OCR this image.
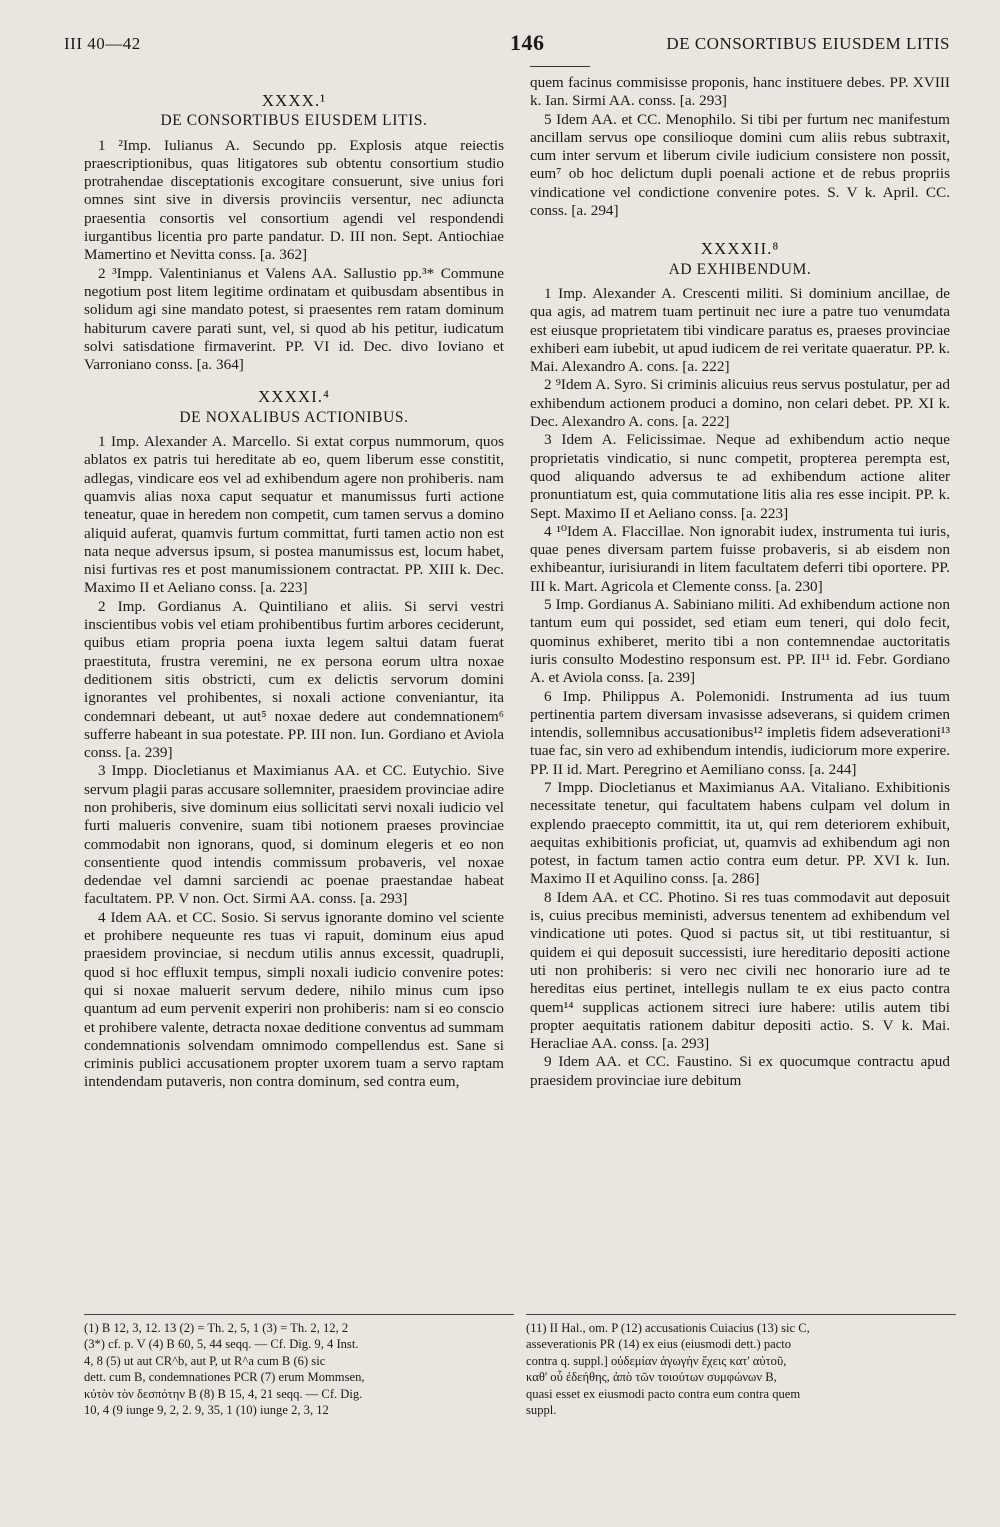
III 40—42	146	DE CONSORTIBUS EIUSDEM LITIS
XXXX.¹
DE CONSORTIBUS EIUSDEM LITIS.

1 ²Imp. Iulianus A. Secundo pp. Explosis atque reiectis praescriptionibus, quas litigatores sub obtentu consortium studio protrahendae disceptationis excogitare consuerunt, sive unius fori omnes sint sive in diversis provinciis versentur, nec adiuncta praesentia consortis vel consortium agendi vel respondendi iurgantibus licentia pro parte pandatur. D. III non. Sept. Antiochiae Mamertino et Nevitta conss. [a. 362]

2 ³Impp. Valentinianus et Valens AA. Sallustio pp.³* Commune negotium post litem legitime ordinatam et quibusdam absentibus in solidum agi sine mandato potest, si praesentes rem ratam dominum habiturum cavere parati sunt, vel, si quod ab his petitur, iudicatum solvi satisdatione firmaverint. PP. VI id. Dec. divo Ioviano et Varroniano conss. [a. 364]

XXXXI.⁴
DE NOXALIBUS ACTIONIBUS.

1 Imp. Alexander A. Marcello. Si extat corpus nummorum, quos ablatos ex patris tui hereditate ab eo, quem liberum esse constitit, adlegas, vindicare eos vel ad exhibendum agere non prohiberis. nam quamvis alias noxa caput sequatur et manumissus furti actione teneatur, quae in heredem non competit, cum tamen servus a domino aliquid auferat, quamvis furtum committat, furti tamen actio non est nata neque adversus ipsum, si postea manumissus est, locum habet, nisi furtivas res et post manumissionem contractat. PP. XIII k. Dec. Maximo II et Aeliano conss. [a. 223]

2 Imp. Gordianus A. Quintiliano et aliis. Si servi vestri inscientibus vobis vel etiam prohibentibus furtim arbores ceciderunt, quibus etiam propria poena iuxta legem saltui datam fuerat praestituta, frustra veremini, ne ex persona eorum ultra noxae deditionem sitis obstricti, cum ex delictis servorum domini ignorantes vel prohibentes, si noxali actione conveniantur, ita condemnari debeant, ut aut⁵ noxae dedere aut condemnationem⁶ sufferre habeant in sua potestate. PP. III non. Iun. Gordiano et Aviola conss. [a. 239]

3 Impp. Diocletianus et Maximianus AA. et CC. Eutychio. Sive servum plagii paras accusare sollemniter, praesidem provinciae adire non prohiberis, sive dominum eius sollicitati servi noxali iudicio vel furti malueris convenire, suam tibi notionem praeses provinciae commodabit non ignorans, quod, si dominum elegeris et eo non consentiente quod intendis commissum probaveris, vel noxae dedendae vel damni sarciendi ac poenae praestandae habeat facultatem. PP. V non. Oct. Sirmi AA. conss. [a. 293]

4 Idem AA. et CC. Sosio. Si servus ignorante domino vel sciente et prohibere nequeunte res tuas vi rapuit, dominum eius apud praesidem provinciae, si necdum utilis annus excessit, quadrupli, quod si hoc effluxit tempus, simpli noxali iudicio convenire potes: qui si noxae maluerit servum dedere, nihilo minus cum ipso quantum ad eum pervenit experiri non prohiberis: nam si eo conscio et prohibere valente, detracta noxae deditione conventus ad summam condemnationis solvendam omnimodo compellendus est. Sane si criminis publici accusationem propter uxorem tuam a servo raptam intendendam putaveris, non contra dominum, sed contra eum,

quem facinus commisisse proponis, hanc instituere debes. PP. XVIII k. Ian. Sirmi AA. conss. [a. 293]

5 Idem AA. et CC. Menophilo. Si tibi per furtum nec manifestum ancillam servus ope consilioque domini cum aliis rebus subtraxit, cum inter servum et liberum civile iudicium consistere non possit, eum⁷ ob hoc delictum dupli poenali actione et de rebus propriis vindicatione vel condictione convenire potes. S. V k. April. CC. conss. [a. 294]

XXXXII.⁸
AD EXHIBENDUM.

1 Imp. Alexander A. Crescenti militi. Si dominium ancillae, de qua agis, ad matrem tuam pertinuit nec iure a patre tuo venumdata est eiusque proprietatem tibi vindicare paratus es, praeses provinciae exhiberi eam iubebit, ut apud iudicem de rei veritate quaeratur. PP. k. Mai. Alexandro A. cons. [a. 222]

2 ⁹Idem A. Syro. Si criminis alicuius reus servus postulatur, per ad exhibendum actionem produci a domino, non celari debet. PP. XI k. Dec. Alexandro A. cons. [a. 222]

3 Idem A. Felicissimae. Neque ad exhibendum actio neque proprietatis vindicatio, si nunc competit, propterea perempta est, quod aliquando adversus te ad exhibendum actione aliter pronuntiatum est, quia commutatione litis alia res esse incipit. PP. k. Sept. Maximo II et Aeliano conss. [a. 223]

4 ¹⁰Idem A. Flaccillae. Non ignorabit iudex, instrumenta tui iuris, quae penes diversam partem fuisse probaveris, si ab eisdem non exhibeantur, iurisiurandi in litem facultatem deferri tibi oportere. PP. III k. Mart. Agricola et Clemente conss. [a. 230]

5 Imp. Gordianus A. Sabiniano militi. Ad exhibendum actione non tantum eum qui possidet, sed etiam eum teneri, qui dolo fecit, quominus exhiberet, merito tibi a non contemnendae auctoritatis iuris consulto Modestino responsum est. PP. II¹¹ id. Febr. Gordiano A. et Aviola conss. [a. 239]

6 Imp. Philippus A. Polemonidi. Instrumenta ad ius tuum pertinentia partem diversam invasisse adseverans, si quidem crimen intendis, sollemnibus accusationibus¹² impletis fidem adseverationi¹³ tuae fac, sin vero ad exhibendum intendis, iudiciorum more experire. PP. II id. Mart. Peregrino et Aemiliano conss. [a. 244]

7 Impp. Diocletianus et Maximianus AA. Vitaliano. Exhibitionis necessitate tenetur, qui facultatem habens culpam vel dolum in explendo praecepto committit, ita ut, qui rem deteriorem exhibuit, aequitas exhibitionis proficiat, ut, quamvis ad exhibendum agi non potest, in factum tamen actio contra eum detur. PP. XVI k. Iun. Maximo II et Aquilino conss. [a. 286]

8 Idem AA. et CC. Photino. Si res tuas commodavit aut deposuit is, cuius precibus meministi, adversus tenentem ad exhibendum vel vindicatione uti potes. Quod si pactus sit, ut tibi restituantur, si quidem ei qui deposuit successisti, iure hereditario depositi actione uti non prohiberis: si vero nec civili nec honorario iure ad te hereditas eius pertinet, intellegis nullam te ex eius pacto contra quem¹⁴ supplicas actionem sitreci iure habere: utilis autem tibi propter aequitatis rationem dabitur depositi actio. S. V k. Mai. Heracliae AA. conss. [a. 293]

9 Idem AA. et CC. Faustino. Si ex quocumque contractu apud praesidem provinciae iure debitum

(1) B 12, 3, 12. 13 (2) = Th. 2, 5, 1 (3) = Th. 2, 12, 2

(3*) cf. p. V (4) B 60, 5, 44 seqq. — Cf. Dig. 9, 4 Inst.

4, 8 (5) ut aut CR^b, aut P, ut R^a cum B (6) sic

dett. cum B, condemnationes PCR (7) erum Mommsen,

κύτὸν τὸν δεσπότην B (8) B 15, 4, 21 seqq. — Cf. Dig.

10, 4 (9 iunge 9, 2, 2. 9, 35, 1 (10) iunge 2, 3, 12

(11) II Hal., om. P (12) accusationis Cuiacius (13) sic C,

asseverationis PR (14) ex eius (eiusmodi dett.) pacto

contra q. suppl.] οὐδεμίαν ἀγωγὴν ἔχεις κατ' αὐτοῦ,

καθ' οὗ ἐδεήθης, ἀπὸ τῶν τοιούτων συμφώνων B,

quasi esset ex eiusmodi pacto contra eum contra quem

suppl.
